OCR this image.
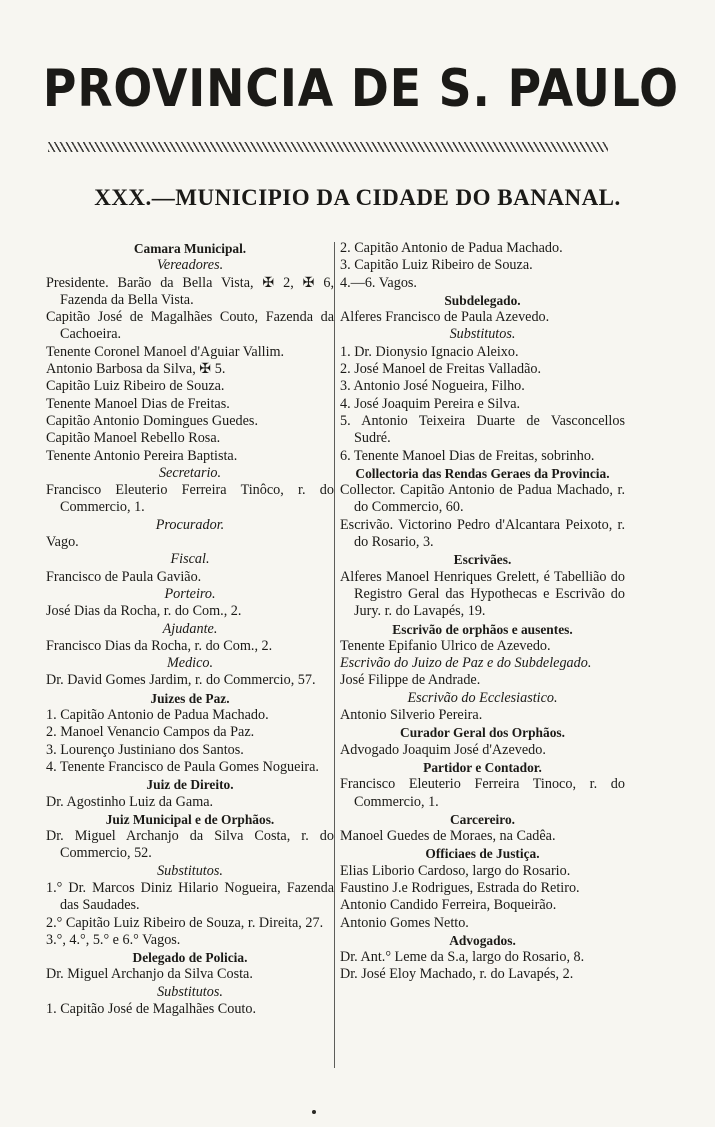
PROVINCIA DE S. PAULO
XXX.—MUNICIPIO DA CIDADE DO BANANAL.

Camara Municipal.

Vereadores.

Presidente. Barão da Bella Vista, ✠ 2, ✠ 6, Fazenda da Bella Vista.

Capitão José de Magalhães Couto, Fazenda da Cachoeira.

Tenente Coronel Manoel d'Aguiar Vallim.

Antonio Barbosa da Silva, ✠ 5.

Capitão Luiz Ribeiro de Souza.

Tenente Manoel Dias de Freitas.

Capitão Antonio Domingues Guedes.

Capitão Manoel Rebello Rosa.

Tenente Antonio Pereira Baptista.

Secretario.

Francisco Eleuterio Ferreira Tinôco, r. do Commercio, 1.

Procurador.

Vago.

Fiscal.

Francisco de Paula Gavião.

Porteiro.

José Dias da Rocha, r. do Com., 2.

Ajudante.

Francisco Dias da Rocha, r. do Com., 2.

Medico.

Dr. David Gomes Jardim, r. do Commercio, 57.

Juizes de Paz.

1. Capitão Antonio de Padua Machado.

2. Manoel Venancio Campos da Paz.

3. Lourenço Justiniano dos Santos.

4. Tenente Francisco de Paula Gomes Nogueira.

Juiz de Direito.

Dr. Agostinho Luiz da Gama.

Juiz Municipal e de Orphãos.

Dr. Miguel Archanjo da Silva Costa, r. do Commercio, 52.

Substitutos.

1.° Dr. Marcos Diniz Hilario Nogueira, Fazenda das Saudades.

2.° Capitão Luiz Ribeiro de Souza, r. Direita, 27.

3.°, 4.°, 5.° e 6.° Vagos.

Delegado de Policia.

Dr. Miguel Archanjo da Silva Costa.

Substitutos.

1. Capitão José de Magalhães Couto.

2. Capitão Antonio de Padua Machado.

3. Capitão Luiz Ribeiro de Souza.

4.—6. Vagos.

Subdelegado.

Alferes Francisco de Paula Azevedo.

Substitutos.

1. Dr. Dionysio Ignacio Aleixo.

2. José Manoel de Freitas Valladão.

3. Antonio José Nogueira, Filho.

4. José Joaquim Pereira e Silva.

5. Antonio Teixeira Duarte de Vasconcellos Sudré.

6. Tenente Manoel Dias de Freitas, sobrinho.

Collectoria das Rendas Geraes da Provincia.

Collector. Capitão Antonio de Padua Machado, r. do Commercio, 60.

Escrivão. Victorino Pedro d'Alcantara Peixoto, r. do Rosario, 3.

Escrivães.

Alferes Manoel Henriques Grelett, é Tabellião do Registro Geral das Hypothecas e Escrivão do Jury. r. do Lavapés, 19.

Escrivão de orphãos e ausentes.

Tenente Epifanio Ulrico de Azevedo.

Escrivão do Juizo de Paz e do Subdelegado.

José Filippe de Andrade.

Escrivão do Ecclesiastico.

Antonio Silverio Pereira.

Curador Geral dos Orphãos.

Advogado Joaquim José d'Azevedo.

Partidor e Contador.

Francisco Eleuterio Ferreira Tinoco, r. do Commercio, 1.

Carcereiro.

Manoel Guedes de Moraes, na Cadêa.

Officiaes de Justiça.

Elias Liborio Cardoso, largo do Rosario.

Faustino J.e Rodrigues, Estrada do Retiro.

Antonio Candido Ferreira, Boqueirão.

Antonio Gomes Netto.

Advogados.

Dr. Ant.° Leme da S.a, largo do Rosario, 8.

Dr. José Eloy Machado, r. do Lavapés, 2.
